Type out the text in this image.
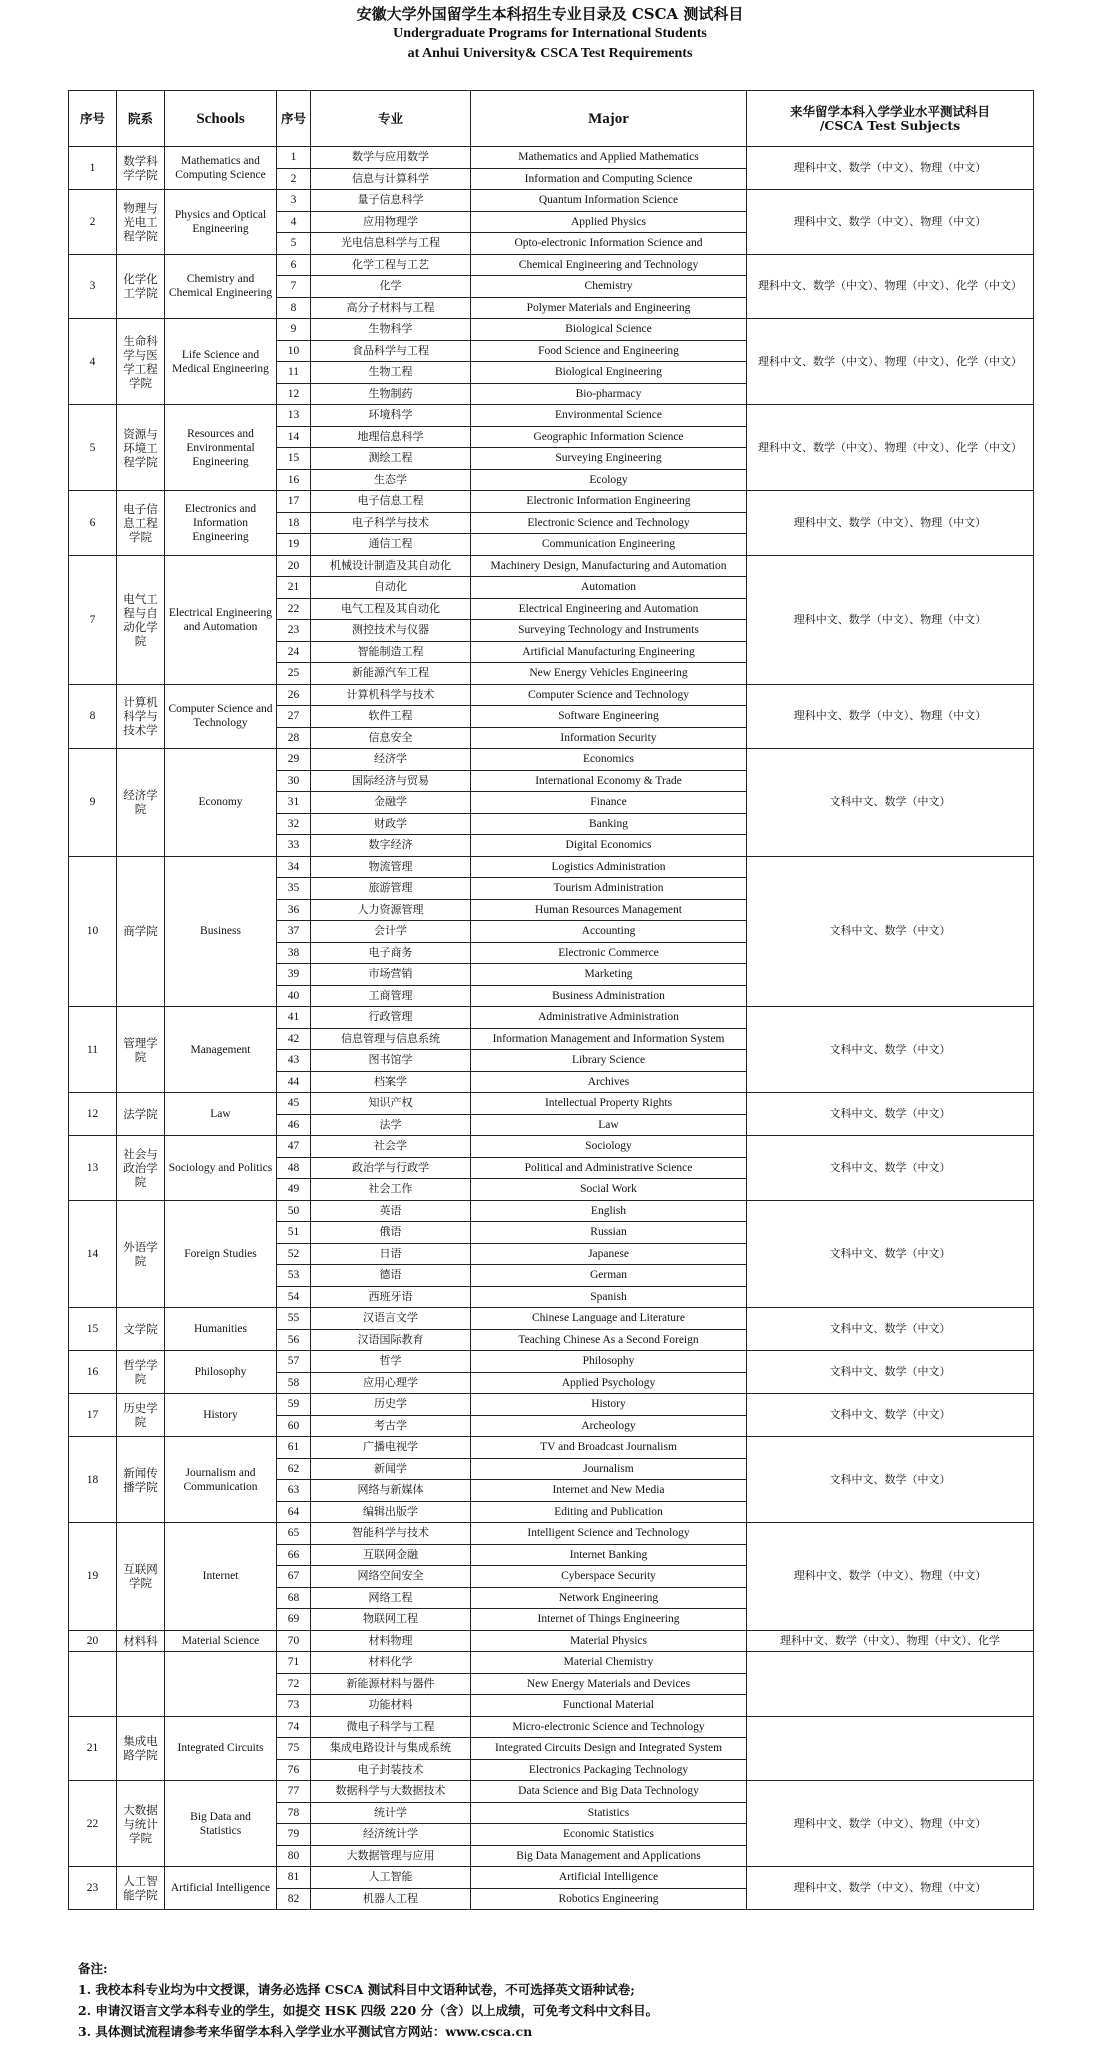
安徽大学外国留学生本科招生专业目录及 CSCA 测试科目
Undergraduate Programs for International Students
at Anhui University& CSCA Test Requirements
序号	院系	Schools	序号	专业	Major	来华留学本科入学学业水平测试科目
/CSCA Test Subjects

1	数学科学学院	Mathematics and Computing Science	1	数学与应用数学	Mathematics and Applied Mathematics	理科中文、数学（中文）、物理（中文）
			2	信息与计算科学	Information and Computing Science	
2	物理与光电工程学院	Physics and Optical Engineering	3	量子信息科学	Quantum Information Science	理科中文、数学（中文）、物理（中文）
			4	应用物理学	Applied Physics	
			5	光电信息科学与工程	Opto-electronic Information Science and	
3	化学化工学院	Chemistry and Chemical Engineering	6	化学工程与工艺	Chemical Engineering and Technology	理科中文、数学（中文）、物理（中文）、化学（中文）
			7	化学	Chemistry	
			8	高分子材料与工程	Polymer Materials and Engineering	
4	生命科学与医学工程学院	Life Science and Medical Engineering	9	生物科学	Biological Science	理科中文、数学（中文）、物理（中文）、化学（中文）
			10	食品科学与工程	Food Science and Engineering	
			11	生物工程	Biological Engineering	
			12	生物制药	Bio-pharmacy	
5	资源与环境工程学院	Resources and Environmental Engineering	13	环境科学	Environmental Science	理科中文、数学（中文）、物理（中文）、化学（中文）
			14	地理信息科学	Geographic Information Science	
			15	测绘工程	Surveying Engineering	
			16	生态学	Ecology	
6	电子信息工程学院	Electronics and Information Engineering	17	电子信息工程	Electronic Information Engineering	理科中文、数学（中文）、物理（中文）
			18	电子科学与技术	Electronic Science and Technology	
			19	通信工程	Communication Engineering	
7	电气工程与自动化学院	Electrical Engineering and Automation	20	机械设计制造及其自动化	Machinery Design, Manufacturing and Automation	理科中文、数学（中文）、物理（中文）
			21	自动化	Automation	
			22	电气工程及其自动化	Electrical Engineering and Automation	
			23	测控技术与仪器	Surveying Technology and Instruments	
			24	智能制造工程	Artificial Manufacturing Engineering	
			25	新能源汽车工程	New Energy Vehicles Engineering	
8	计算机科学与技术学	Computer Science and Technology	26	计算机科学与技术	Computer Science and Technology	理科中文、数学（中文）、物理（中文）
			27	软件工程	Software Engineering	
			28	信息安全	Information Security	
9	经济学院	Economy	29	经济学	Economics	文科中文、数学（中文）
			30	国际经济与贸易	International Economy & Trade	
			31	金融学	Finance	
			32	财政学	Banking	
			33	数字经济	Digital Economics	
10	商学院	Business	34	物流管理	Logistics Administration	文科中文、数学（中文）
			35	旅游管理	Tourism Administration	
			36	人力资源管理	Human Resources Management	
			37	会计学	Accounting	
			38	电子商务	Electronic Commerce	
			39	市场营销	Marketing	
			40	工商管理	Business Administration	
11	管理学院	Management	41	行政管理	Administrative Administration	文科中文、数学（中文）
			42	信息管理与信息系统	Information Management and Information System	
			43	图书馆学	Library Science	
			44	档案学	Archives	
12	法学院	Law	45	知识产权	Intellectual Property Rights	文科中文、数学（中文）
			46	法学	Law	
13	社会与政治学院	Sociology and Politics	47	社会学	Sociology	文科中文、数学（中文）
			48	政治学与行政学	Political and Administrative Science	
			49	社会工作	Social Work	
14	外语学院	Foreign Studies	50	英语	English	文科中文、数学（中文）
			51	俄语	Russian	
			52	日语	Japanese	
			53	德语	German	
			54	西班牙语	Spanish	
15	文学院	Humanities	55	汉语言文学	Chinese Language and Literature	文科中文、数学（中文）
			56	汉语国际教育	Teaching Chinese As a Second Foreign	
16	哲学学院	Philosophy	57	哲学	Philosophy	文科中文、数学（中文）
			58	应用心理学	Applied Psychology	
17	历史学院	History	59	历史学	History	文科中文、数学（中文）
			60	考古学	Archeology	
18	新闻传播学院	Journalism and Communication	61	广播电视学	TV and Broadcast Journalism	文科中文、数学（中文）
			62	新闻学	Journalism	
			63	网络与新媒体	Internet and New Media	
			64	编辑出版学	Editing and Publication	
19	互联网学院	Internet	65	智能科学与技术	Intelligent Science and Technology	理科中文、数学（中文）、物理（中文）
			66	互联网金融	Internet Banking	
			67	网络空间安全	Cyberspace Security	
			68	网络工程	Network Engineering	
			69	物联网工程	Internet of Things Engineering	
20	材料科	Material Science	70	材料物理	Material Physics	理科中文、数学（中文）、物理（中文）、化学
			71	材料化学	Material Chemistry	
			72	新能源材料与器件	New Energy Materials and Devices	
			73	功能材料	Functional Material	
21	集成电路学院	Integrated Circuits	74	微电子科学与工程	Micro-electronic Science and Technology	
			75	集成电路设计与集成系统	Integrated Circuits Design and Integrated System	
			76	电子封装技术	Electronics Packaging Technology	
22	大数据与统计学院	Big Data and Statistics	77	数据科学与大数据技术	Data Science and Big Data Technology	理科中文、数学（中文）、物理（中文）
			78	统计学	Statistics	
			79	经济统计学	Economic Statistics	
			80	大数据管理与应用	Big Data Management and Applications	
23	人工智能学院	Artificial Intelligence	81	人工智能	Artificial Intelligence	理科中文、数学（中文）、物理（中文）
			82	机器人工程	Robotics Engineering	
备注:
1. 我校本科专业均为中文授课，请务必选择 CSCA 测试科目中文语种试卷，不可选择英文语种试卷;
2. 申请汉语言文学本科专业的学生，如提交 HSK 四级 220 分（含）以上成绩，可免考文科中文科目。
3. 具体测试流程请参考来华留学本科入学学业水平测试官方网站：www.csca.cn
